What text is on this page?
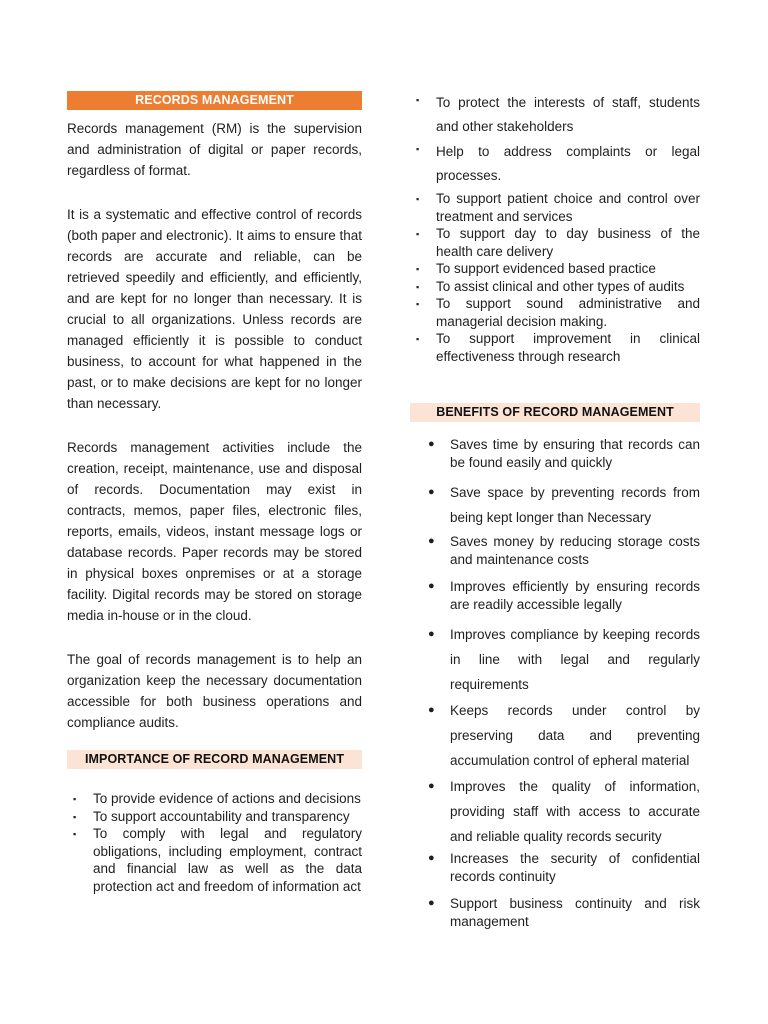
RECORDS MANAGEMENT

Records management (RM) is the supervision and administration of digital or paper records, regardless of format.

It is a systematic and effective control of records (both paper and electronic). It aims to ensure that records are accurate and reliable, can be retrieved speedily and efficiently, and efficiently, and are kept for no longer than necessary. It is crucial to all organizations. Unless records are managed efficiently it is possible to conduct business, to account for what happened in the past, or to make decisions are kept for no longer than necessary.

Records management activities include the creation, receipt, maintenance, use and disposal of records. Documentation may exist in contracts, memos, paper files, electronic files, reports, emails, videos, instant message logs or database records. Paper records may be stored in physical boxes onpremises or at a storage facility. Digital records may be stored on storage media in-house or in the cloud.

The goal of records management is to help an organization keep the necessary documentation accessible for both business operations and compliance audits.

IMPORTANCE OF RECORD MANAGEMENT
▪ To provide evidence of actions and decisions
▪ To support accountability and transparency
▪ To comply with legal and regulatory obligations, including employment, contract and financial law as well as the data protection act and freedom of information act
▪ To protect the interests of staff, students and other stakeholders
▪ Help to address complaints or legal processes.
▪ To support patient choice and control over treatment and services
▪ To support day to day business of the health care delivery
▪ To support evidenced based practice
▪ To assist clinical and other types of audits
▪ To support sound administrative and managerial decision making.
▪ To support improvement in clinical effectiveness through research
BENEFITS OF RECORD MANAGEMENT
● Saves time by ensuring that records can be found easily and quickly
● Save space by preventing records from being kept longer than Necessary
● Saves money by reducing storage costs and maintenance costs
● Improves efficiently by ensuring records are readily accessible legally
● Improves compliance by keeping records in line with legal and regularly requirements
● Keeps records under control by preserving data and preventing accumulation control of epheral material
● Improves the quality of information, providing staff with access to accurate and reliable quality records security
● Increases the security of confidential records continuity
● Support business continuity and risk management
